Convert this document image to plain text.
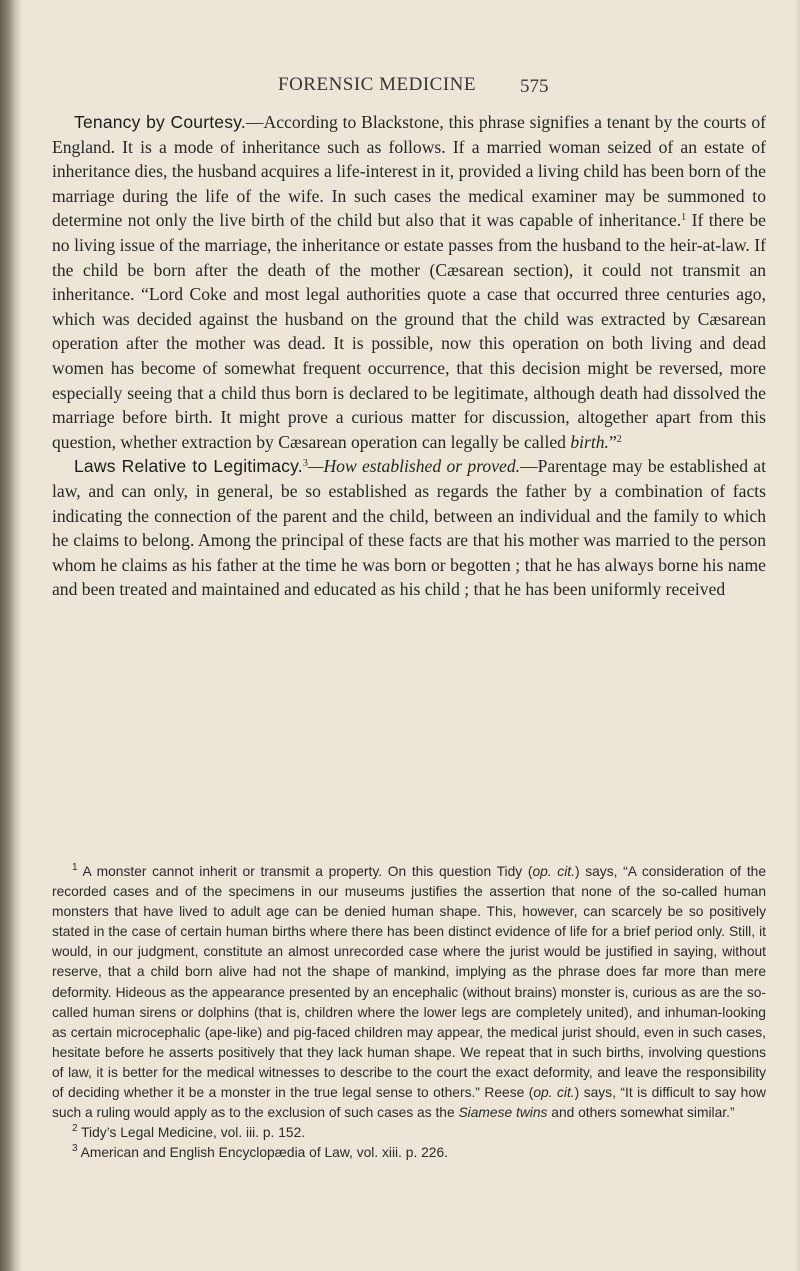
FORENSIC MEDICINE 575

Tenancy by Courtesy.—According to Blackstone, this phrase signifies a tenant by the courts of England. It is a mode of inheritance such as follows. If a married woman seized of an estate of inheritance dies, the husband acquires a life-interest in it, provided a living child has been born of the marriage during the life of the wife. In such cases the medical examiner may be summoned to determine not only the live birth of the child but also that it was capable of inheritance.$^1$ If there be no living issue of the marriage, the inheritance or estate passes from the husband to the heir-at-law. If the child be born after the death of the mother (Cæsarean section), it could not transmit an inheritance. “Lord Coke and most legal authorities quote a case that occurred three centuries ago, which was decided against the husband on the ground that the child was extracted by Cæsarean operation after the mother was dead. It is possible, now this operation on both living and dead women has become of somewhat frequent occurrence, that this decision might be reversed, more especially seeing that a child thus born is declared to be legitimate, although death had dissolved the marriage before birth. It might prove a curious matter for discussion, altogether apart from this question, whether extraction by Cæsarean operation can legally be called birth.”$^2$

Laws Relative to Legitimacy.$^3$—How established or proved.—Parentage may be established at law, and can only, in general, be so established as regards the father by a combination of facts indicating the connection of the parent and the child, between an individual and the family to which he claims to belong. Among the principal of these facts are that his mother was married to the person whom he claims as his father at the time he was born or begotten ; that he has always borne his name and been treated and maintained and educated as his child ; that he has been uniformly received

$^1$ A monster cannot inherit or transmit a property. On this question Tidy (op. cit.) says, “A consideration of the recorded cases and of the specimens in our museums justifies the assertion that none of the so-called human monsters that have lived to adult age can be denied human shape. This, however, can scarcely be so positively stated in the case of certain human births where there has been distinct evidence of life for a brief period only. Still, it would, in our judgment, constitute an almost unrecorded case where the jurist would be justified in saying, without reserve, that a child born alive had not the shape of mankind, implying as the phrase does far more than mere deformity. Hideous as the appearance presented by an encephalic (without brains) monster is, curious as are the so-called human sirens or dolphins (that is, children where the lower legs are completely united), and inhuman-looking as certain microcephalic (ape-like) and pig-faced children may appear, the medical jurist should, even in such cases, hesitate before he asserts positively that they lack human shape. We repeat that in such births, involving questions of law, it is better for the medical witnesses to describe to the court the exact deformity, and leave the responsibility of deciding whether it be a monster in the true legal sense to others.” Reese (op. cit.) says, “It is difficult to say how such a ruling would apply as to the exclusion of such cases as the Siamese twins and others somewhat similar.”

$^2$ Tidy’s Legal Medicine, vol. iii. p. 152.

$^3$ American and English Encyclopædia of Law, vol. xiii. p. 226.
